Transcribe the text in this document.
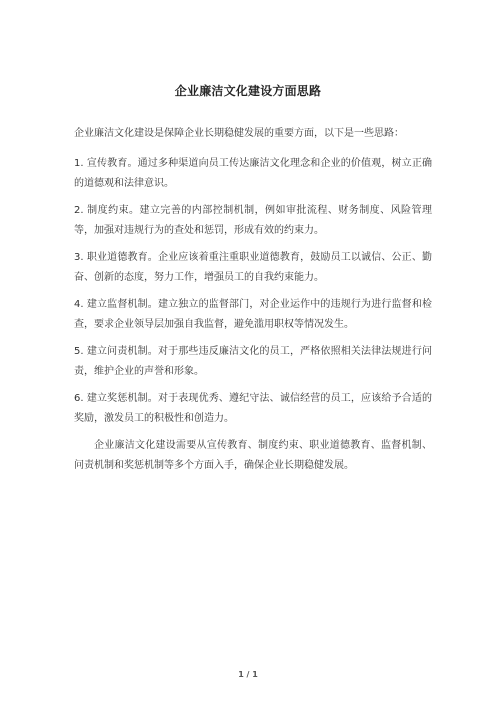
企业廉洁文化建设方面思路

企业廉洁文化建设是保障企业长期稳健发展的重要方面，以下是一些思路：

1. 宣传教育。通过多种渠道向员工传达廉洁文化理念和企业的价值观，树立正确的道德观和法律意识。

2. 制度约束。建立完善的内部控制机制，例如审批流程、财务制度、风险管理等，加强对违规行为的查处和惩罚，形成有效的约束力。

3. 职业道德教育。企业应该着重注重职业道德教育，鼓励员工以诚信、公正、勤奋、创新的态度，努力工作，增强员工的自我约束能力。

4. 建立监督机制。建立独立的监督部门，对企业运作中的违规行为进行监督和检查，要求企业领导层加强自我监督，避免滥用职权等情况发生。

5. 建立问责机制。对于那些违反廉洁文化的员工，严格依照相关法律法规进行问责，维护企业的声誉和形象。

6. 建立奖惩机制。对于表现优秀、遵纪守法、诚信经营的员工，应该给予合适的奖励，激发员工的积极性和创造力。

企业廉洁文化建设需要从宣传教育、制度约束、职业道德教育、监督机制、问责机制和奖惩机制等多个方面入手，确保企业长期稳健发展。

1 / 1
